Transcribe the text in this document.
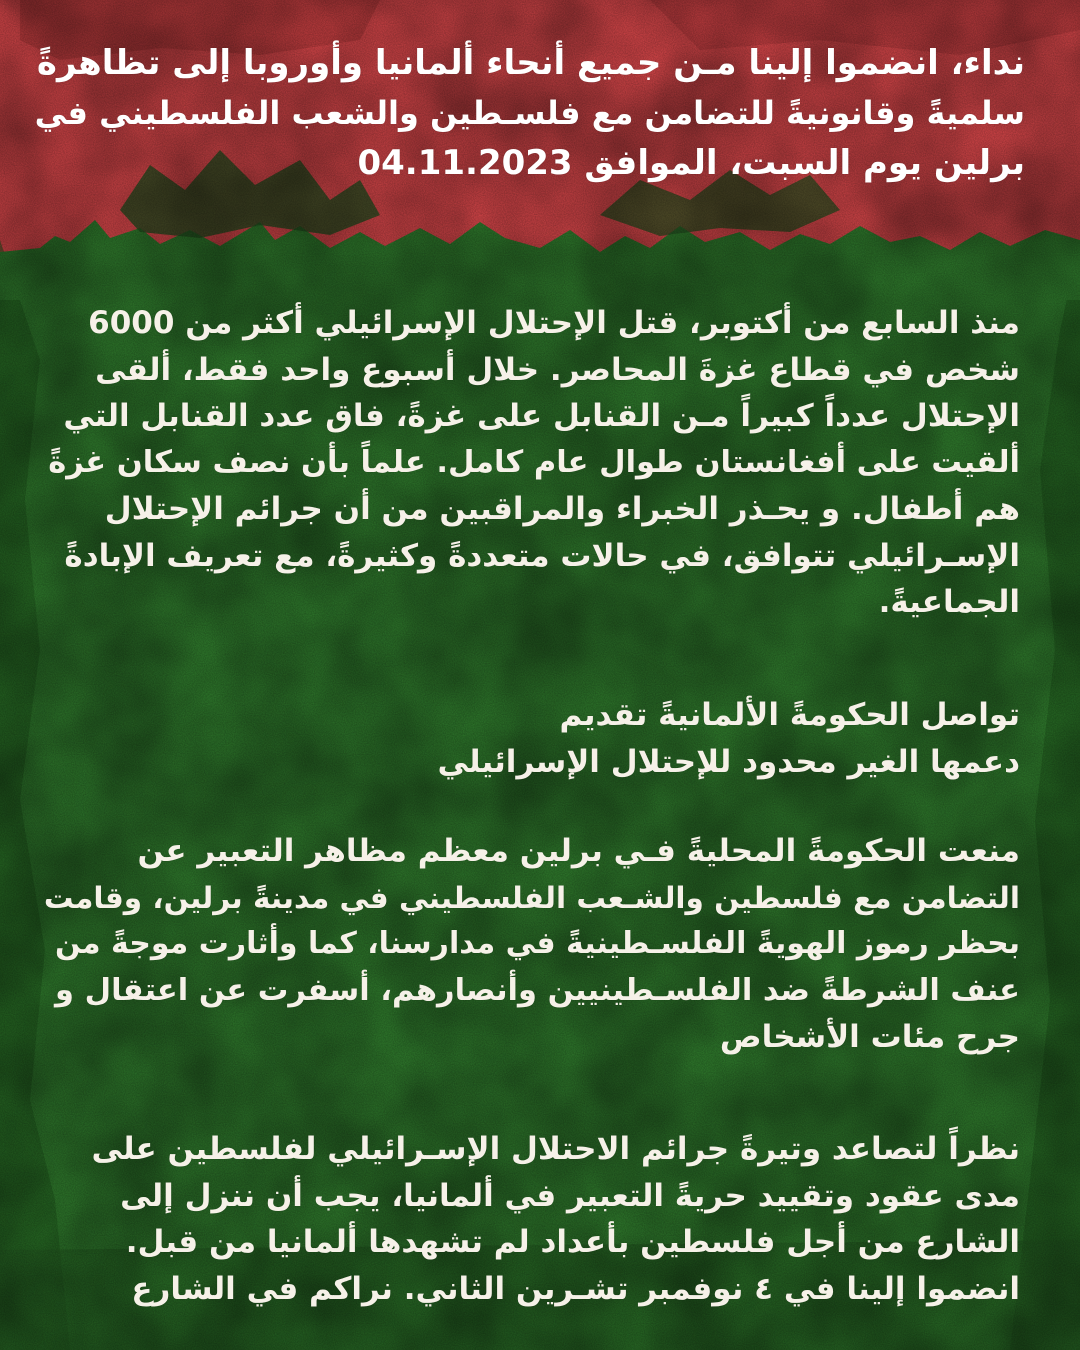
نداء، انضموا إلينا مـن جميع أنحاء ألمانيا وأوروبا إلى تظاهرةً
سلميةً وقانونيةً للتضامن مع فلسـطين والشعب الفلسطيني في
برلين يوم السبت، الموافق 04.11.2023
منذ السابع من أكتوبر، قتل الإحتلال الإسرائيلي أكثر من 6000
شخص في قطاع غزةَ المحاصر. خلال أسبوع واحد فقط، ألقى
الإحتلال عدداً كبيراً مـن القنابل على غزةً، فاق عدد القنابل التي
ألقيت على أفغانستان طوال عام كامل. علماً بأن نصف سكان غزةً
هم أطفال. و يحـذر الخبراء والمراقبين من أن جرائم الإحتلال
الإسـرائيلي تتوافق، في حالات متعددةً وكثيرةً، مع تعريف الإبادةً
الجماعيةً.
تواصل الحكومةً الألمانيةً تقديم
دعمها الغير محدود للإحتلال الإسرائيلي
منعت الحكومةً المحليةً فـي برلين معظم مظاهر التعبير عن
التضامن مع فلسطين والشـعب الفلسطيني في مدينةً برلين، وقامت
بحظر رموز الهويةً الفلسـطينيةً في مدارسنا، كما وأثارت موجةً من
عنف الشرطةً ضد الفلسـطينيين وأنصارهم، أسفرت عن اعتقال و
جرح مئات الأشخاص
نظراً لتصاعد وتيرةً جرائم الاحتلال الإسـرائيلي لفلسطين على
مدى عقود وتقييد حريةً التعبير في ألمانيا، يجب أن ننزل إلى
الشارع من أجل فلسطين بأعداد لم تشهدها ألمانيا من قبل.
انضموا إلينا في ٤ نوفمبر تشـرين الثاني. نراكم في الشارع
